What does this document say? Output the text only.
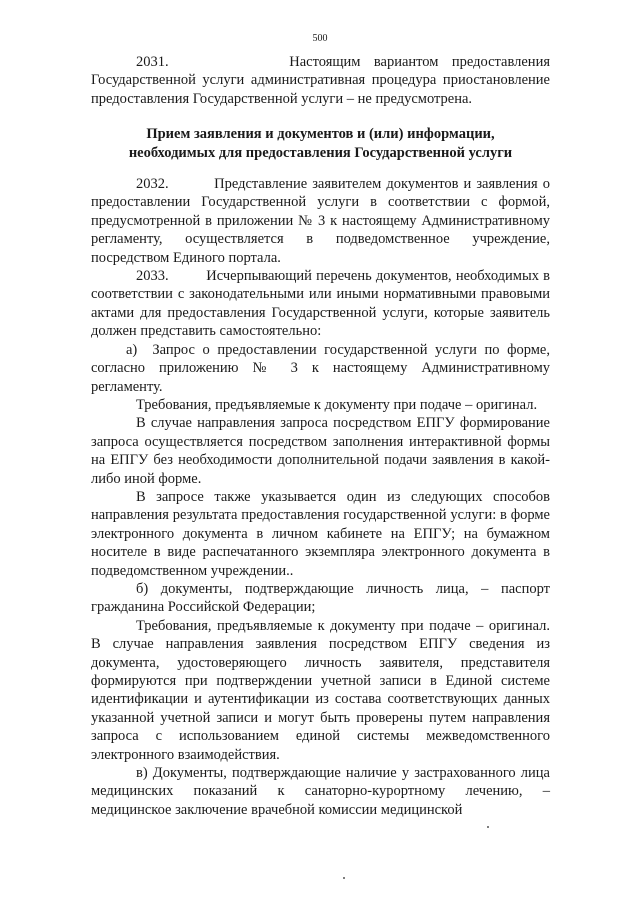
500

2031.         Настоящим вариантом предоставления Государственной услуги административная процедура приостановление предоставления Государственной услуги – не предусмотрена.

Прием заявления и документов и (или) информации,
необходимых для предоставления Государственной услуги

2032.         Представление заявителем документов и заявления о предоставлении Государственной услуги в соответствии с формой, предусмотренной в приложении № 3 к настоящему Административному регламенту, осуществляется в подведомственное учреждение, посредством Единого портала.

2033.         Исчерпывающий перечень документов, необходимых в соответствии с законодательными или иными нормативными правовыми актами для предоставления Государственной услуги, которые заявитель должен представить самостоятельно:

а)  Запрос о предоставлении государственной услуги по форме, согласно приложению № 3 к настоящему Административному регламенту.

Требования, предъявляемые к документу при подаче – оригинал.

В случае направления запроса посредством ЕПГУ формирование запроса осуществляется посредством заполнения интерактивной формы на ЕПГУ без необходимости дополнительной подачи заявления в какой-либо иной форме.

В запросе также указывается один из следующих способов направления результата предоставления государственной услуги: в форме электронного документа в личном кабинете на ЕПГУ; на бумажном носителе в виде распечатанного экземпляра электронного документа в подведомственном учреждении..

б) документы, подтверждающие личность лица, – паспорт гражданина Российской Федерации;

Требования, предъявляемые к документу при подаче – оригинал. В случае направления заявления посредством ЕПГУ сведения из документа, удостоверяющего личность заявителя, представителя формируются при подтверждении учетной записи в Единой системе идентификации и аутентификации из состава соответствующих данных указанной учетной записи и могут быть проверены путем направления запроса с использованием единой системы межведомственного электронного взаимодействия.

в) Документы, подтверждающие наличие у застрахованного лица медицинских показаний к санаторно-курортному лечению, – медицинское заключение врачебной комиссии медицинской
